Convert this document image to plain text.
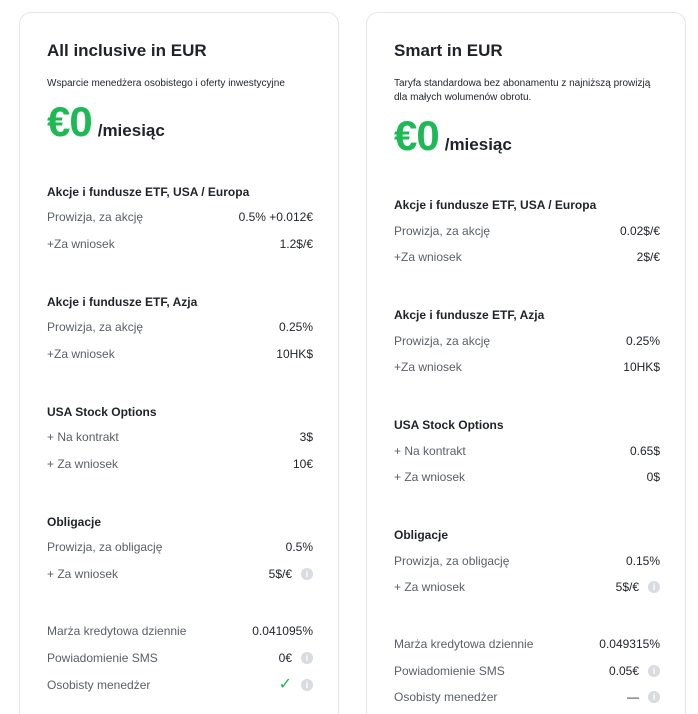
All inclusive in EUR
Wsparcie menedżera osobistego i oferty inwestycyjne
€0 /miesiąc
Akcje i fundusze ETF, USA / Europa
Prowizja, za akcję	0.5% +0.012€
+Za wniosek	1.2$/€
Akcje i fundusze ETF, Azja
Prowizja, za akcję	0.25%
+Za wniosek	10HK$
USA Stock Options
+ Na kontrakt	3$
+ Za wniosek	10€
Obligacje
Prowizja, za obligację	0.5%
+ Za wniosek	5$/€	i
Marża kredytowa dziennie	0.041095%
Powiadomienie SMS	0€	i
Osobisty menedżer	✓	i
Smart in EUR
Taryfa standardowa bez abonamentu z najniższą prowizją dla małych wolumenów obrotu.
€0 /miesiąc
Akcje i fundusze ETF, USA / Europa
Prowizja, za akcję	0.02$/€
+Za wniosek	2$/€
Akcje i fundusze ETF, Azja
Prowizja, za akcję	0.25%
+Za wniosek	10HK$
USA Stock Options
+ Na kontrakt	0.65$
+ Za wniosek	0$
Obligacje
Prowizja, za obligację	0.15%
+ Za wniosek	5$/€	i
Marża kredytowa dziennie	0.049315%
Powiadomienie SMS	0.05€	i
Osobisty menedżer	—	i
